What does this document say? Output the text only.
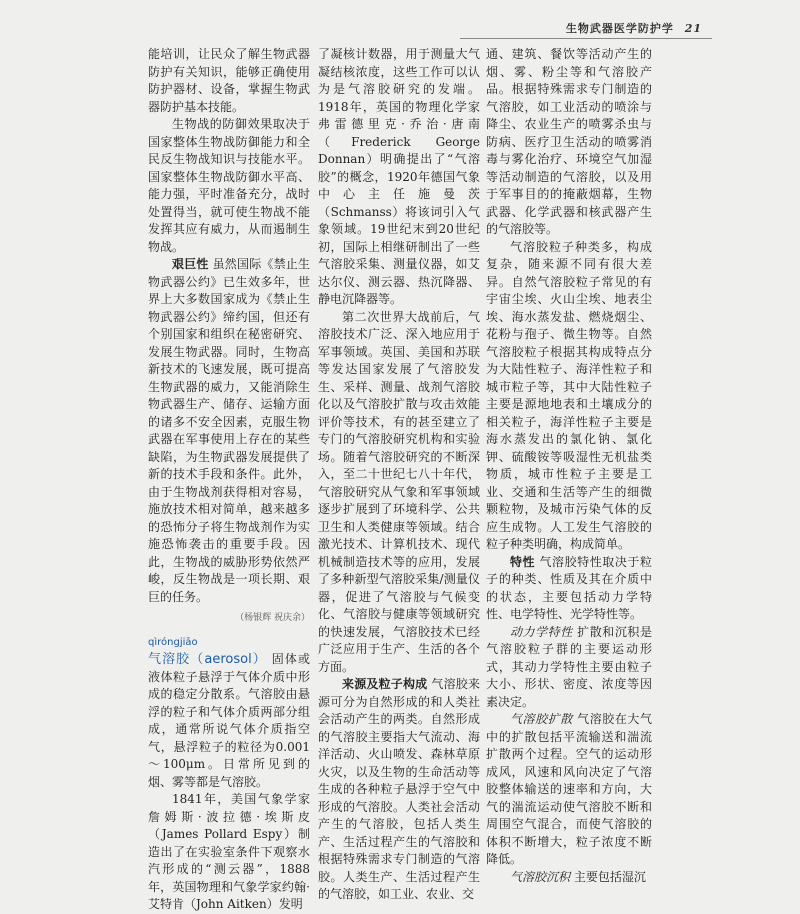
生物武器医学防护学 21

能培训，让民众了解生物武器防护有关知识，能够正确使用防护器材、设备，掌握生物武器防护基本技能。

生物战的防御效果取决于国家整体生物战防御能力和全民反生物战知识与技能水平。国家整体生物战防御水平高、能力强，平时准备充分，战时处置得当，就可使生物战不能发挥其应有威力，从而遏制生物战。

艰巨性 虽然国际《禁止生物武器公约》已生效多年，世界上大多数国家成为《禁止生物武器公约》缔约国，但还有个别国家和组织在秘密研究、发展生物武器。同时，生物高新技术的飞速发展，既可提高生物武器的威力，又能消除生物武器生产、储存、运输方面的诸多不安全因素，克服生物武器在军事使用上存在的某些缺陷，为生物武器发展提供了新的技术手段和条件。此外，由于生物战剂获得相对容易，施放技术相对简单，越来越多的恐怖分子将生物战剂作为实施恐怖袭击的重要手段。因此，生物战的威胁形势依然严峻，反生物战是一项长期、艰巨的任务。

（杨银辉 祝庆余）
qìróngjiāo

气溶胶（aerosol） 固体或液体粒子悬浮于气体介质中形成的稳定分散系。气溶胶由悬浮的粒子和气体介质两部分组成，通常所说气体介质指空气，悬浮粒子的粒径为0.001～100μm。日常所见到的烟、雾等都是气溶胶。

1841年，美国气象学家詹姆斯·波拉德·埃斯皮（James Pollard Espy）制造出了在实验室条件下观察水汽形成的“测云器”，1888年，英国物理和气象学家约翰·艾特肯（John Aitken）发明

了凝核计数器，用于测量大气凝结核浓度，这些工作可以认为是气溶胶研究的发端。1918年，英国的物理化学家弗雷德里克·乔治·唐南（Frederick George Donnan）明确提出了“气溶胶”的概念，1920年德国气象中心主任施曼茨（Schmanss）将该词引入气象领域。19世纪末到20世纪初，国际上相继研制出了一些气溶胶采集、测量仪器，如艾达尔仪、测云器、热沉降器、静电沉降器等。

第二次世界大战前后，气溶胶技术广泛、深入地应用于军事领域。英国、美国和苏联等发达国家发展了气溶胶发生、采样、测量、战剂气溶胶化以及气溶胶扩散与攻击效能评价等技术，有的甚至建立了专门的气溶胶研究机构和实验场。随着气溶胶研究的不断深入，至二十世纪七八十年代，气溶胶研究从气象和军事领域逐步扩展到了环境科学、公共卫生和人类健康等领域。结合激光技术、计算机技术、现代机械制造技术等的应用，发展了多种新型气溶胶采集/测量仪器，促进了气溶胶与气候变化、气溶胶与健康等领域研究的快速发展，气溶胶技术已经广泛应用于生产、生活的各个方面。

来源及粒子构成 气溶胶来源可分为自然形成的和人类社会活动产生的两类。自然形成的气溶胶主要指大气流动、海洋活动、火山喷发、森林草原火灾，以及生物的生命活动等生成的各种粒子悬浮于空气中形成的气溶胶。人类社会活动产生的气溶胶，包括人类生产、生活过程产生的气溶胶和根据特殊需求专门制造的气溶胶。人类生产、生活过程产生的气溶胶，如工业、农业、交

通、建筑、餐饮等活动产生的烟、雾、粉尘等和气溶胶产品。根据特殊需求专门制造的气溶胶，如工业活动的喷涂与降尘、农业生产的喷雾杀虫与防病、医疗卫生活动的喷雾消毒与雾化治疗、环境空气加湿等活动制造的气溶胶，以及用于军事目的的掩蔽烟幕，生物武器、化学武器和核武器产生的气溶胶等。

气溶胶粒子种类多，构成复杂，随来源不同有很大差异。自然气溶胶粒子常见的有宇宙尘埃、火山尘埃、地表尘埃、海水蒸发盐、燃烧烟尘、花粉与孢子、微生物等。自然气溶胶粒子根据其构成特点分为大陆性粒子、海洋性粒子和城市粒子等，其中大陆性粒子主要是源地地表和土壤成分的相关粒子，海洋性粒子主要是海水蒸发出的氯化钠、氯化钾、硫酸铵等吸湿性无机盐类物质，城市性粒子主要是工业、交通和生活等产生的细微颗粒物，及城市污染气体的反应生成物。人工发生气溶胶的粒子种类明确，构成简单。

特性 气溶胶特性取决于粒子的种类、性质及其在介质中的状态，主要包括动力学特性、电学特性、光学特性等。

动力学特性 扩散和沉积是气溶胶粒子群的主要运动形式，其动力学特性主要由粒子大小、形状、密度、浓度等因素决定。

气溶胶扩散 气溶胶在大气中的扩散包括平流输送和湍流扩散两个过程。空气的运动形成风，风速和风向决定了气溶胶整体输送的速率和方向，大气的湍流运动使气溶胶不断和周围空气混合，而使气溶胶的体积不断增大，粒子浓度不断降低。

气溶胶沉积 主要包括湿沉
